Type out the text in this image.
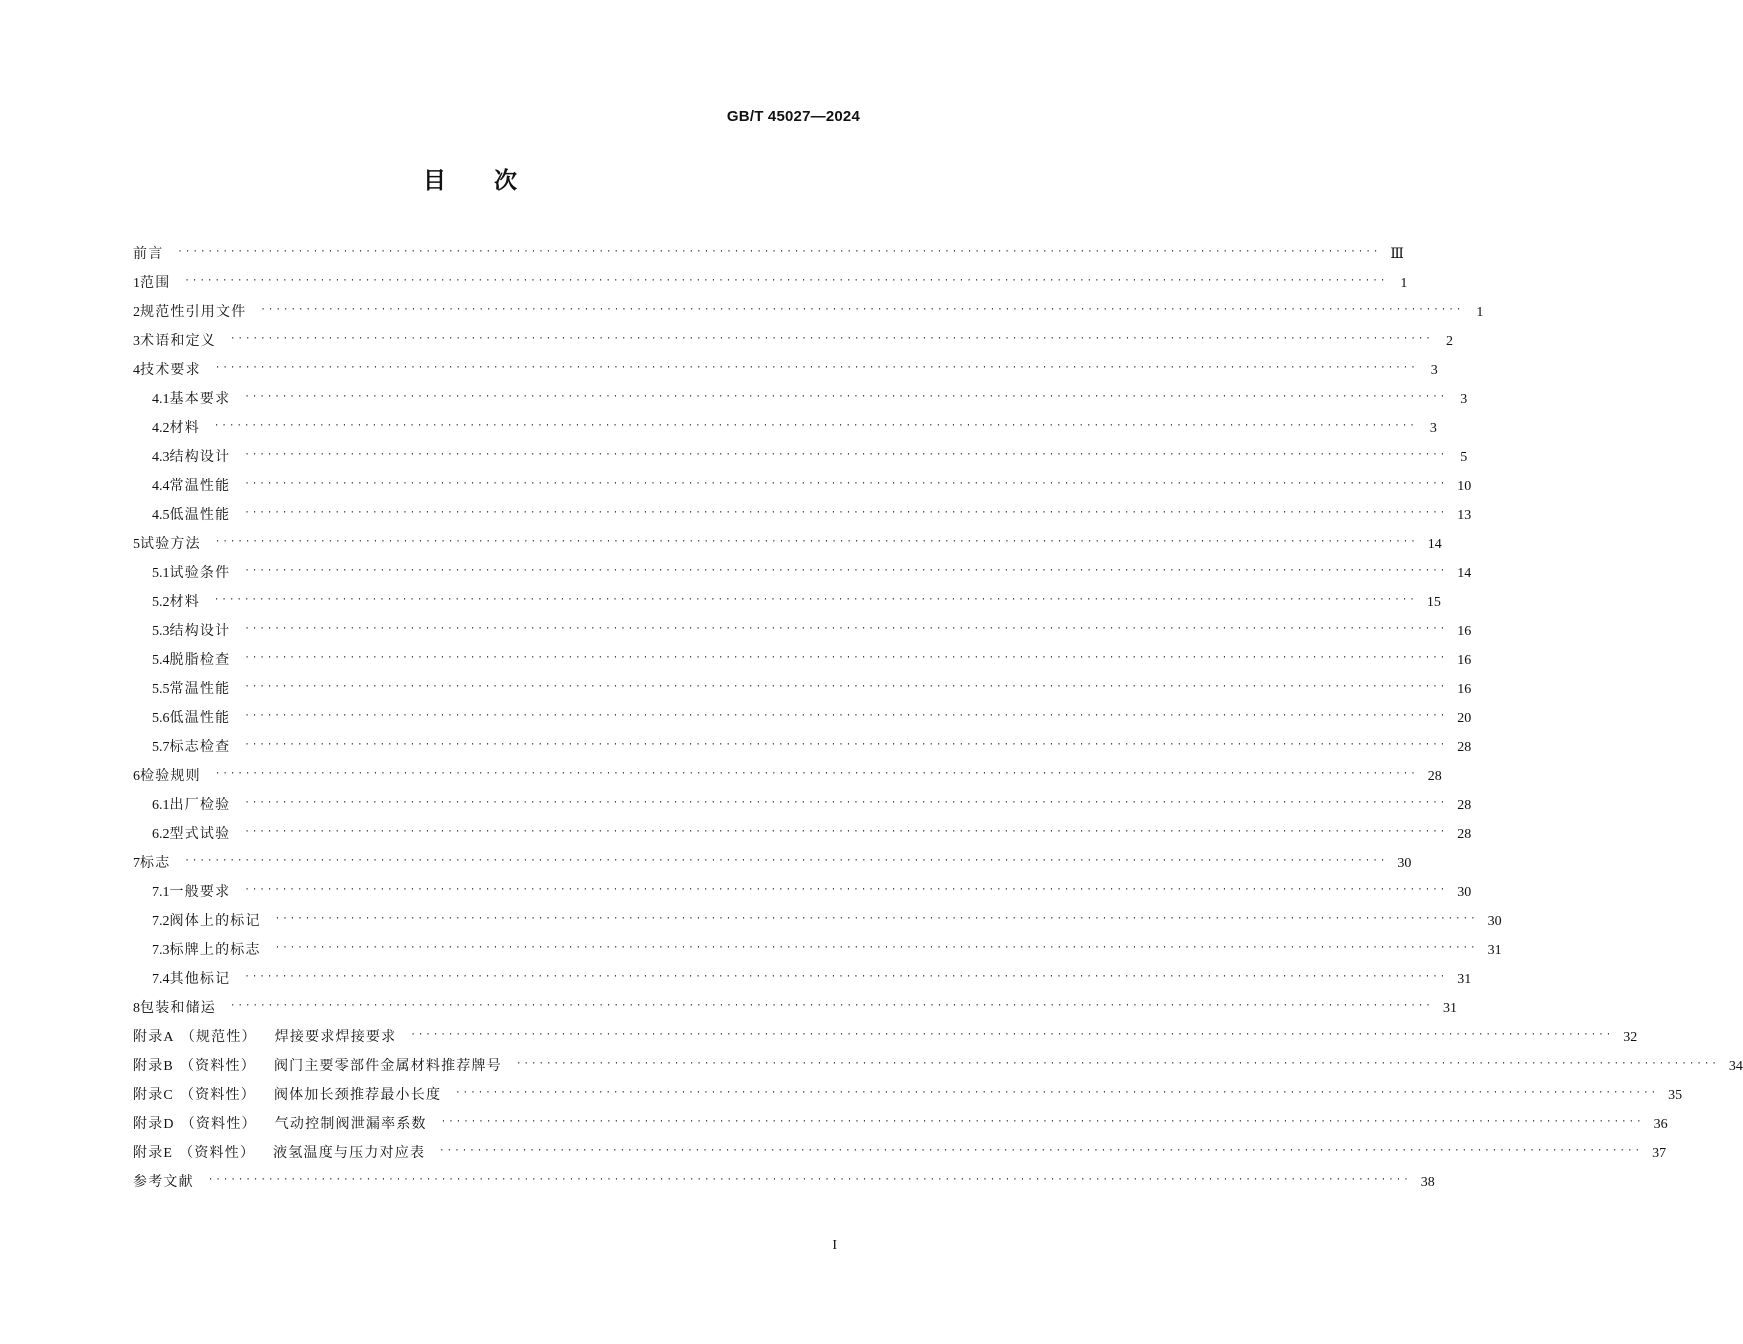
GB/T 45027—2024
目次
前言 ································································································································································ Ⅲ
1 范围 ································································································································································ 1
2 规范性引用文件 ································································································································································ 1
3 术语和定义 ································································································································································ 2
4 技术要求 ································································································································································ 3
4.1 基本要求 ································································································································································ 3
4.2 材料 ································································································································································ 3
4.3 结构设计 ································································································································································ 5
4.4 常温性能 ································································································································································ 10
4.5 低温性能 ································································································································································ 13
5 试验方法 ································································································································································ 14
5.1 试验条件 ································································································································································ 14
5.2 材料 ································································································································································ 15
5.3 结构设计 ································································································································································ 16
5.4 脱脂检查 ································································································································································ 16
5.5 常温性能 ································································································································································ 16
5.6 低温性能 ································································································································································ 20
5.7 标志检查 ································································································································································ 28
6 检验规则 ································································································································································ 28
6.1 出厂检验 ································································································································································ 28
6.2 型式试验 ································································································································································ 28
7 标志 ································································································································································ 30
7.1 一般要求 ································································································································································ 30
7.2 阀体上的标记 ································································································································································ 30
7.3 标牌上的标志 ································································································································································ 31
7.4 其他标记 ································································································································································ 31
8 包装和储运 ································································································································································ 31
附录A （规范性） 焊接要求焊接要求 ································································································································································ 32
附录B （资料性） 阀门主要零部件金属材料推荐牌号 ································································································································································ 34
附录C （资料性） 阀体加长颈推荐最小长度 ································································································································································ 35
附录D （资料性） 气动控制阀泄漏率系数 ································································································································································ 36
附录E （资料性） 液氢温度与压力对应表 ································································································································································ 37
参考文献 ································································································································································ 38
I
